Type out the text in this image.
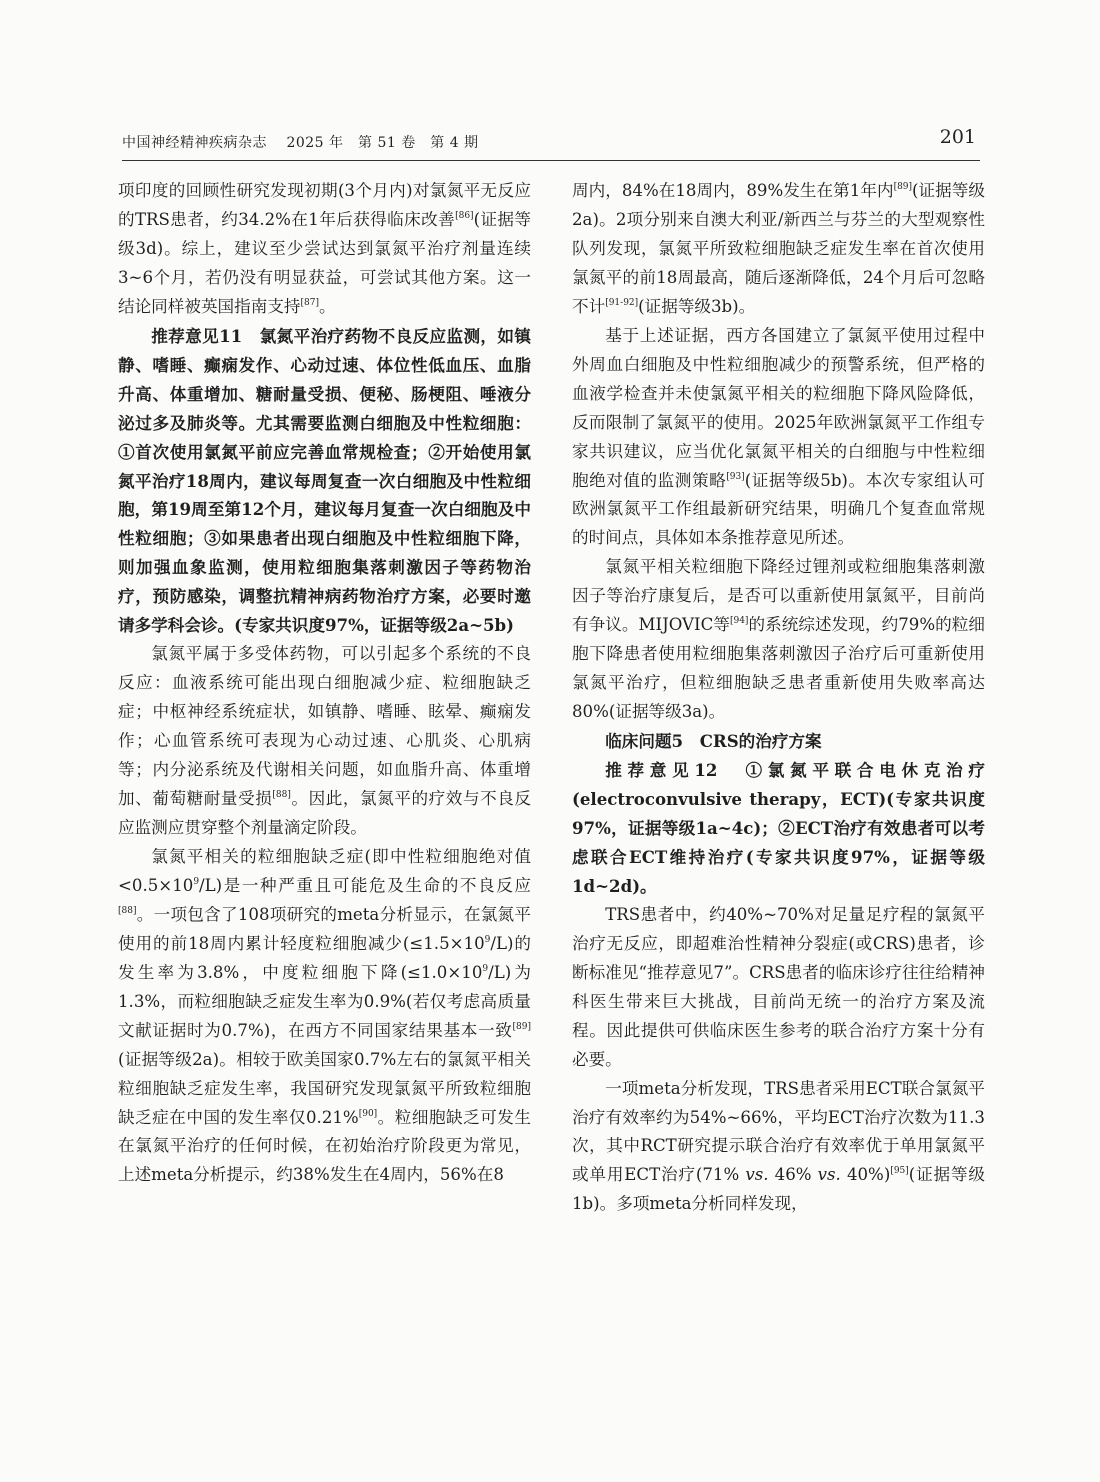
中国神经精神疾病杂志　 2025 年　第 51 卷　第 4 期	201

项印度的回顾性研究发现初期(3个月内)对氯氮平无反应的TRS患者，约34.2%在1年后获得临床改善[86](证据等级3d)。综上，建议至少尝试达到氯氮平治疗剂量连续3~6个月，若仍没有明显获益，可尝试其他方案。这一结论同样被英国指南支持[87]。

推荐意见11　氯氮平治疗药物不良反应监测，如镇静、嗜睡、癫痫发作、心动过速、体位性低血压、血脂升高、体重增加、糖耐量受损、便秘、肠梗阻、唾液分泌过多及肺炎等。尤其需要监测白细胞及中性粒细胞：①首次使用氯氮平前应完善血常规检查；②开始使用氯氮平治疗18周内，建议每周复查一次白细胞及中性粒细胞，第19周至第12个月，建议每月复查一次白细胞及中性粒细胞；③如果患者出现白细胞及中性粒细胞下降，则加强血象监测，使用粒细胞集落刺激因子等药物治疗，预防感染，调整抗精神病药物治疗方案，必要时邀请多学科会诊。(专家共识度97%，证据等级2a~5b)

氯氮平属于多受体药物，可以引起多个系统的不良反应：血液系统可能出现白细胞减少症、粒细胞缺乏症；中枢神经系统症状，如镇静、嗜睡、眩晕、癫痫发作；心血管系统可表现为心动过速、心肌炎、心肌病等；内分泌系统及代谢相关问题，如血脂升高、体重增加、葡萄糖耐量受损[88]。因此，氯氮平的疗效与不良反应监测应贯穿整个剂量滴定阶段。

氯氮平相关的粒细胞缺乏症(即中性粒细胞绝对值$<0.5\times 10^9/L$)是一种严重且可能危及生命的不良反应[88]。一项包含了108项研究的meta分析显示，在氯氮平使用的前18周内累计轻度粒细胞减少$(\le 1.5\times 10^9/L)$的发生率为3.8%，中度粒细胞下降$(\le 1.0\times 10^9/L)$为1.3%，而粒细胞缺乏症发生率为0.9%(若仅考虑高质量文献证据时为0.7%)，在西方不同国家结果基本一致[89](证据等级2a)。相较于欧美国家0.7%左右的氯氮平相关粒细胞缺乏症发生率，我国研究发现氯氮平所致粒细胞缺乏症在中国的发生率仅0.21%[90]。粒细胞缺乏可发生在氯氮平治疗的任何时候，在初始治疗阶段更为常见，上述meta分析提示，约38%发生在4周内，56%在8

周内，84%在18周内，89%发生在第1年内[89](证据等级2a)。2项分别来自澳大利亚/新西兰与芬兰的大型观察性队列发现，氯氮平所致粒细胞缺乏症发生率在首次使用氯氮平的前18周最高，随后逐渐降低，24个月后可忽略不计[91-92](证据等级3b)。

基于上述证据，西方各国建立了氯氮平使用过程中外周血白细胞及中性粒细胞减少的预警系统，但严格的血液学检查并未使氯氮平相关的粒细胞下降风险降低，反而限制了氯氮平的使用。2025年欧洲氯氮平工作组专家共识建议，应当优化氯氮平相关的白细胞与中性粒细胞绝对值的监测策略[93](证据等级5b)。本次专家组认可欧洲氯氮平工作组最新研究结果，明确几个复查血常规的时间点，具体如本条推荐意见所述。

氯氮平相关粒细胞下降经过锂剂或粒细胞集落刺激因子等治疗康复后，是否可以重新使用氯氮平，目前尚有争议。MIJOVIC等[94]的系统综述发现，约79%的粒细胞下降患者使用粒细胞集落刺激因子治疗后可重新使用氯氮平治疗，但粒细胞缺乏患者重新使用失败率高达80%(证据等级3a)。

临床问题5　CRS的治疗方案

推荐意见12　①氯氮平联合电休克治疗(electroconvulsive therapy，ECT)(专家共识度97%，证据等级1a~4c)；②ECT治疗有效患者可以考虑联合ECT维持治疗(专家共识度97%，证据等级1d~2d)。

TRS患者中，约40%~70%对足量足疗程的氯氮平治疗无反应，即超难治性精神分裂症(或CRS)患者，诊断标准见“推荐意见7”。CRS患者的临床诊疗往往给精神科医生带来巨大挑战，目前尚无统一的治疗方案及流程。因此提供可供临床医生参考的联合治疗方案十分有必要。

一项meta分析发现，TRS患者采用ECT联合氯氮平治疗有效率约为54%~66%，平均ECT治疗次数为11.3次，其中RCT研究提示联合治疗有效率优于单用氯氮平或单用ECT治疗(71% vs. 46% vs. 40%)[95](证据等级1b)。多项meta分析同样发现，
